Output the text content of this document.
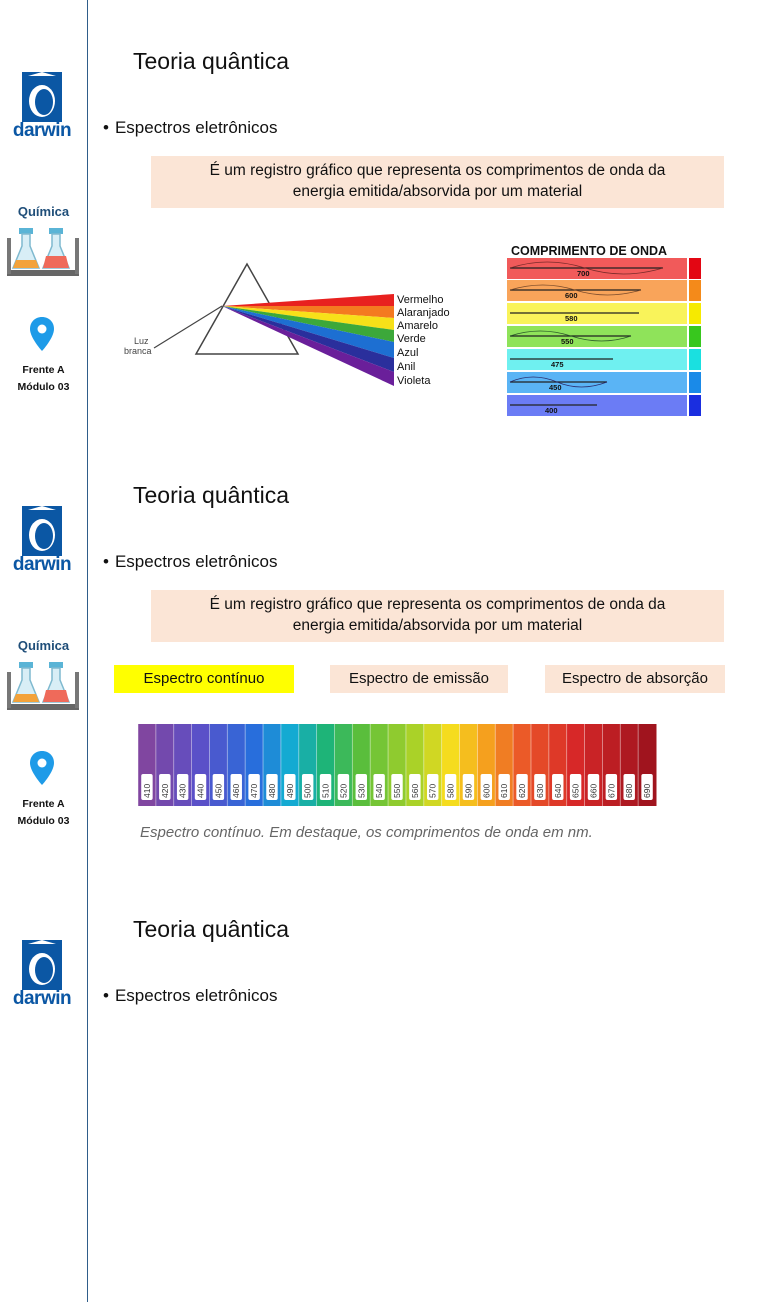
darwin
Química
Frente A
Módulo 03
Teoria quântica
• Espectros eletrônicos
É um registro gráfico que representa os comprimentos de onda da
energia emitida/absorvida por um material
Luz
branca
Vermelho
Alaranjado
Amarelo
Verde
Azul
Anil
Violeta
COMPRIMENTO DE ONDA
700
600
580
550
475
450
400
darwin
Química
Frente A
Módulo 03
Teoria quântica
• Espectros eletrônicos
É um registro gráfico que representa os comprimentos de onda da
energia emitida/absorvida por um material
Espectro contínuo	Espectro de emissão	Espectro de absorção
410 420 430 440 450 460 470 480 490 500 510 520 530 540 550 560 570 580 590 600 610 620 630 640 650 660 670 680 690
Espectro contínuo. Em destaque, os comprimentos de onda em nm.
darwin
Teoria quântica
• Espectros eletrônicos
